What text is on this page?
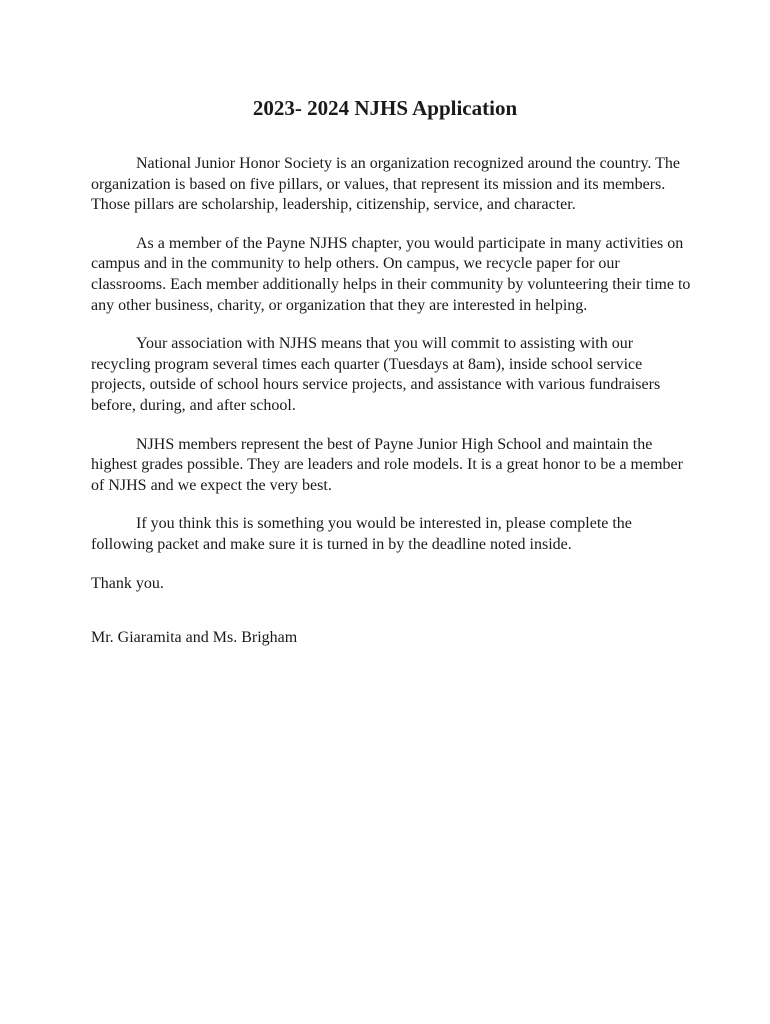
2023- 2024 NJHS Application

National Junior Honor Society is an organization recognized around the country. The organization is based on five pillars, or values, that represent its mission and its members. Those pillars are scholarship, leadership, citizenship, service, and character.

As a member of the Payne NJHS chapter, you would participate in many activities on campus and in the community to help others. On campus, we recycle paper for our classrooms. Each member additionally helps in their community by volunteering their time to any other business, charity, or organization that they are interested in helping.

Your association with NJHS means that you will commit to assisting with our recycling program several times each quarter (Tuesdays at 8am), inside school service projects, outside of school hours service projects, and assistance with various fundraisers before, during, and after school.

NJHS members represent the best of Payne Junior High School and maintain the highest grades possible. They are leaders and role models. It is a great honor to be a member of NJHS and we expect the very best.

If you think this is something you would be interested in, please complete the following packet and make sure it is turned in by the deadline noted inside.

Thank you.

Mr. Giaramita and Ms. Brigham
